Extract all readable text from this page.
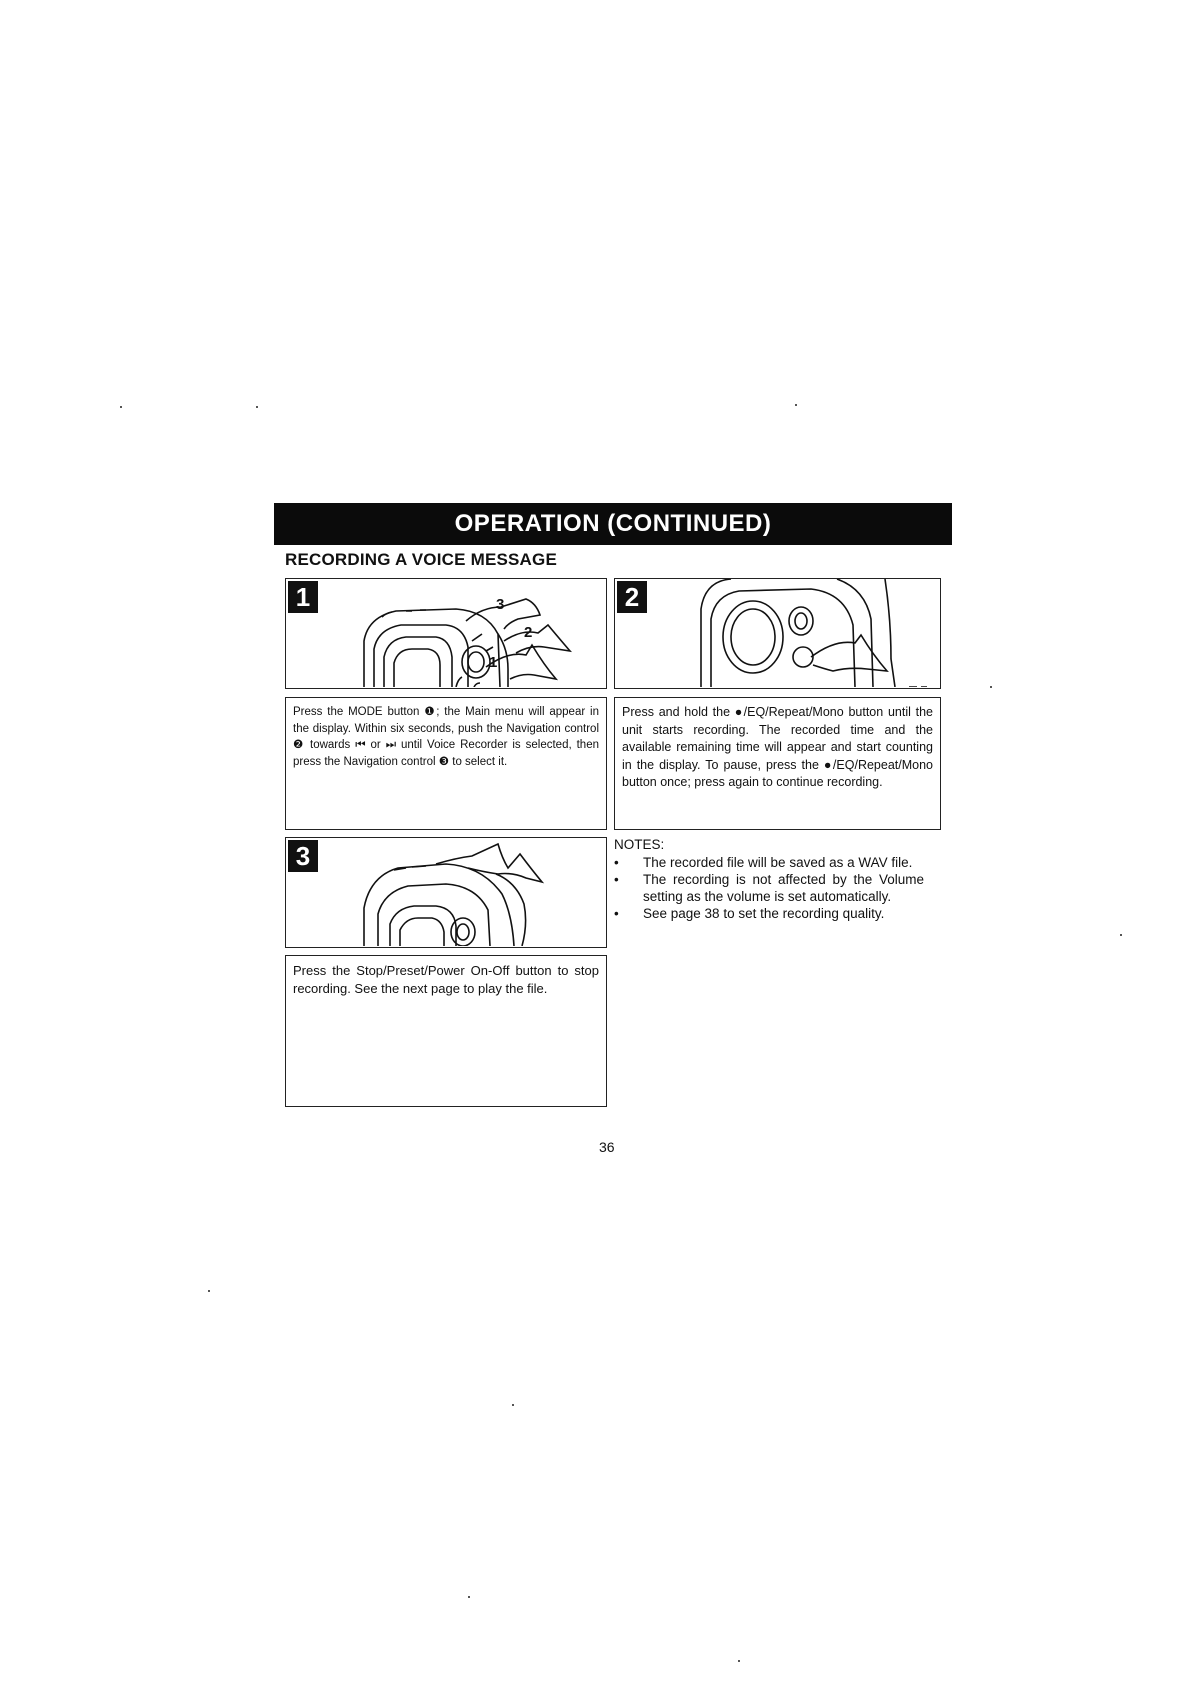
OPERATION (CONTINUED)
RECORDING A VOICE MESSAGE
1	3
2
1
2
Press the MODE button ❶; the Main menu will appear in the display. Within six seconds, push the Navigation control ❷ towards ⏮ or ⏭ until Voice Recorder is selected, then press the Navigation control ❸ to select it.
Press and hold the ●/EQ/Repeat/Mono button until the unit starts recording. The recorded time and the available remaining time will appear and start counting in the display. To pause, press the ●/EQ/Repeat/Mono button once; press again to continue recording.
3
Press the Stop/Preset/Power On-Off button to stop recording. See the next page to play the file.
NOTES:
• The recorded file will be saved as a WAV file.
• The recording is not affected by the Volume setting as the volume is set automatically.
• See page 38 to set the recording quality.
36
